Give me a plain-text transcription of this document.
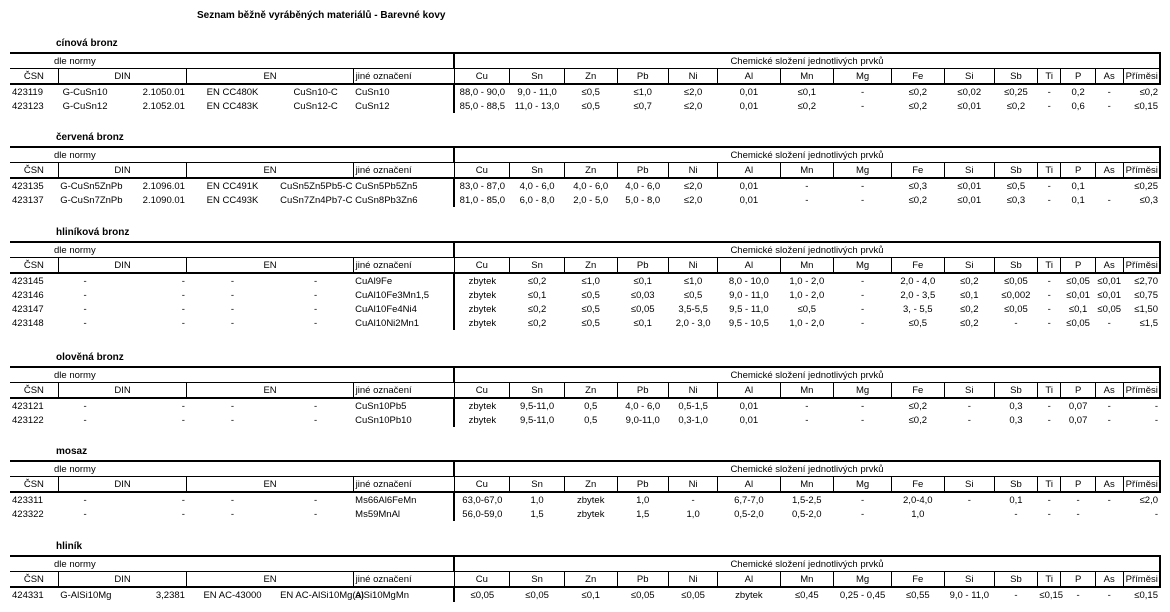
Seznam běžně vyráběných materiálů - Barevné kovy
cínová bronz
dle normy						Chemické složení jednotlivých prvků														
ČSN	DIN		EN		jiné označení	Cu	Sn	Zn	Pb	Ni	Al	Mn	Mg	Fe	Si	Sb	Ti	P	As	Příměsi
423119	G-CuSn10	2.1050.01	EN CC480K	CuSn10-C	CuSn10	88,0 - 90,0	9,0 - 11,0	≤0,5	≤1,0	≤2,0	0,01	≤0,1	-	≤0,2	≤0,02	≤0,25	-	0,2	-	≤0,2
423123	G-CuSn12	2.1052.01	EN CC483K	CuSn12-C	CuSn12	85,0 - 88,5	11,0 - 13,0	≤0,5	≤0,7	≤2,0	0,01	≤0,2	-	≤0,2	≤0,01	≤0,2	-	0,6	-	≤0,15
červená bronz
dle normy						Chemické složení jednotlivých prvků														
ČSN	DIN		EN		jiné označení	Cu	Sn	Zn	Pb	Ni	Al	Mn	Mg	Fe	Si	Sb	Ti	P	As	Příměsi
423135	G-CuSn5ZnPb	2.1096.01	EN CC491K	CuSn5Zn5Pb5-C	CuSn5Pb5Zn5	83,0 - 87,0	4,0 - 6,0	4,0 - 6,0	4,0 - 6,0	≤2,0	0,01	-	-	≤0,3	≤0,01	≤0,5	-	0,1		≤0,25
423137	G-CuSn7ZnPb	2.1090.01	EN CC493K	CuSn7Zn4Pb7-C	CuSn8Pb3Zn6	81,0 - 85,0	6,0 - 8,0	2,0 - 5,0	5,0 - 8,0	≤2,0	0,01	-	-	≤0,2	≤0,01	≤0,3	-	0,1	-	≤0,3
hliníková bronz
dle normy						Chemické složení jednotlivých prvků														
ČSN	DIN		EN		jiné označení	Cu	Sn	Zn	Pb	Ni	Al	Mn	Mg	Fe	Si	Sb	Ti	P	As	Příměsi
423145	-	-	-	-	CuAl9Fe	zbytek	≤0,2	≤1,0	≤0,1	≤1,0	8,0 - 10,0	1,0 - 2,0	-	2,0 - 4,0	≤0,2	≤0,05	-	≤0,05	≤0,01	≤2,70
423146	-	-	-	-	CuAl10Fe3Mn1,5	zbytek	≤0,1	≤0,5	≤0,03	≤0,5	9,0 - 11,0	1,0 - 2,0	-	2,0 - 3,5	≤0,1	≤0,002	-	≤0,01	≤0,01	≤0,75
423147	-	-	-	-	CuAl10Fe4Ni4	zbytek	≤0,2	≤0,5	≤0,05	3,5-5,5	9,5 - 11,0	≤0,5	-	3, - 5,5	≤0,2	≤0,05	-	≤0,1	≤0,05	≤1,50
423148	-	-	-	-	CuAl10Ni2Mn1	zbytek	≤0,2	≤0,5	≤0,1	2,0 - 3,0	9,5 - 10,5	1,0 - 2,0	-	≤0,5	≤0,2	-	-	≤0,05	-	≤1,5
olověná bronz
dle normy						Chemické složení jednotlivých prvků														
ČSN	DIN		EN		jiné označení	Cu	Sn	Zn	Pb	Ni	Al	Mn	Mg	Fe	Si	Sb	Ti	P	As	Příměsi
423121	-	-	-	-	CuSn10Pb5	zbytek	9,5-11,0	0,5	4,0 - 6,0	0,5-1,5	0,01	-	-	≤0,2	-	0,3	-	0,07	-	-
423122	-	-	-	-	CuSn10Pb10	zbytek	9,5-11,0	0,5	9,0-11,0	0,3-1,0	0,01	-	-	≤0,2	-	0,3	-	0,07	-	-
mosaz
dle normy						Chemické složení jednotlivých prvků														
ČSN	DIN		EN		jiné označení	Cu	Sn	Zn	Pb	Ni	Al	Mn	Mg	Fe	Si	Sb	Ti	P	As	Příměsi
423311	-	-	-	-	Ms66Al6FeMn	63,0-67,0	1,0	zbytek	1,0	-	6,7-7,0	1,5-2,5	-	2,0-4,0	-	0,1	-	-	-	≤2,0
423322	-	-	-	-	Ms59MnAl	56,0-59,0	1,5	zbytek	1,5	1,0	0,5-2,0	0,5-2,0	-	1,0		-	-	-		-
hliník
dle normy						Chemické složení jednotlivých prvků														
ČSN	DIN		EN		jiné označení	Cu	Sn	Zn	Pb	Ni	Al	Mn	Mg	Fe	Si	Sb	Ti	P	As	Příměsi
424331	G-AlSi10Mg	3,2381	EN AC-43000	EN AC-AlSi10Mg(a)	AlSi10MgMn	≤0,05	≤0,05	≤0,1	≤0,05	≤0,05	zbytek	≤0,45	0,25 - 0,45	≤0,55	9,0 - 11,0	-	≤0,15	-	-	≤0,15
